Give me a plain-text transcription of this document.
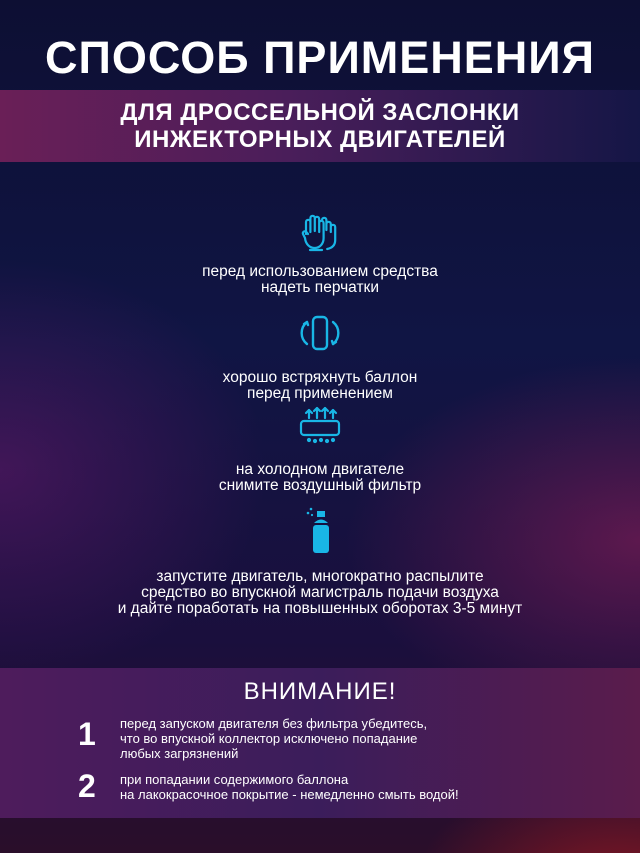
СПОСОБ ПРИМЕНЕНИЯ
ДЛЯ ДРОССЕЛЬНОЙ ЗАСЛОНКИ
ИНЖЕКТОРНЫХ ДВИГАТЕЛЕЙ
перед использованием средства
надеть перчатки
хорошо встряхнуть баллон
перед применением
на холодном двигателе
снимите воздушный фильтр
запустите двигатель, многократно распылите
средство во впускной магистраль подачи воздуха
и дайте поработать на повышенных оборотах 3-5 минут
ВНИМАНИЕ!
1 перед запуском двигателя без фильтра убедитесь,
что во впускной коллектор исключено попадание
любых загрязнений
2 при попадании содержимого баллона
на лакокрасочное покрытие - немедленно смыть водой!
